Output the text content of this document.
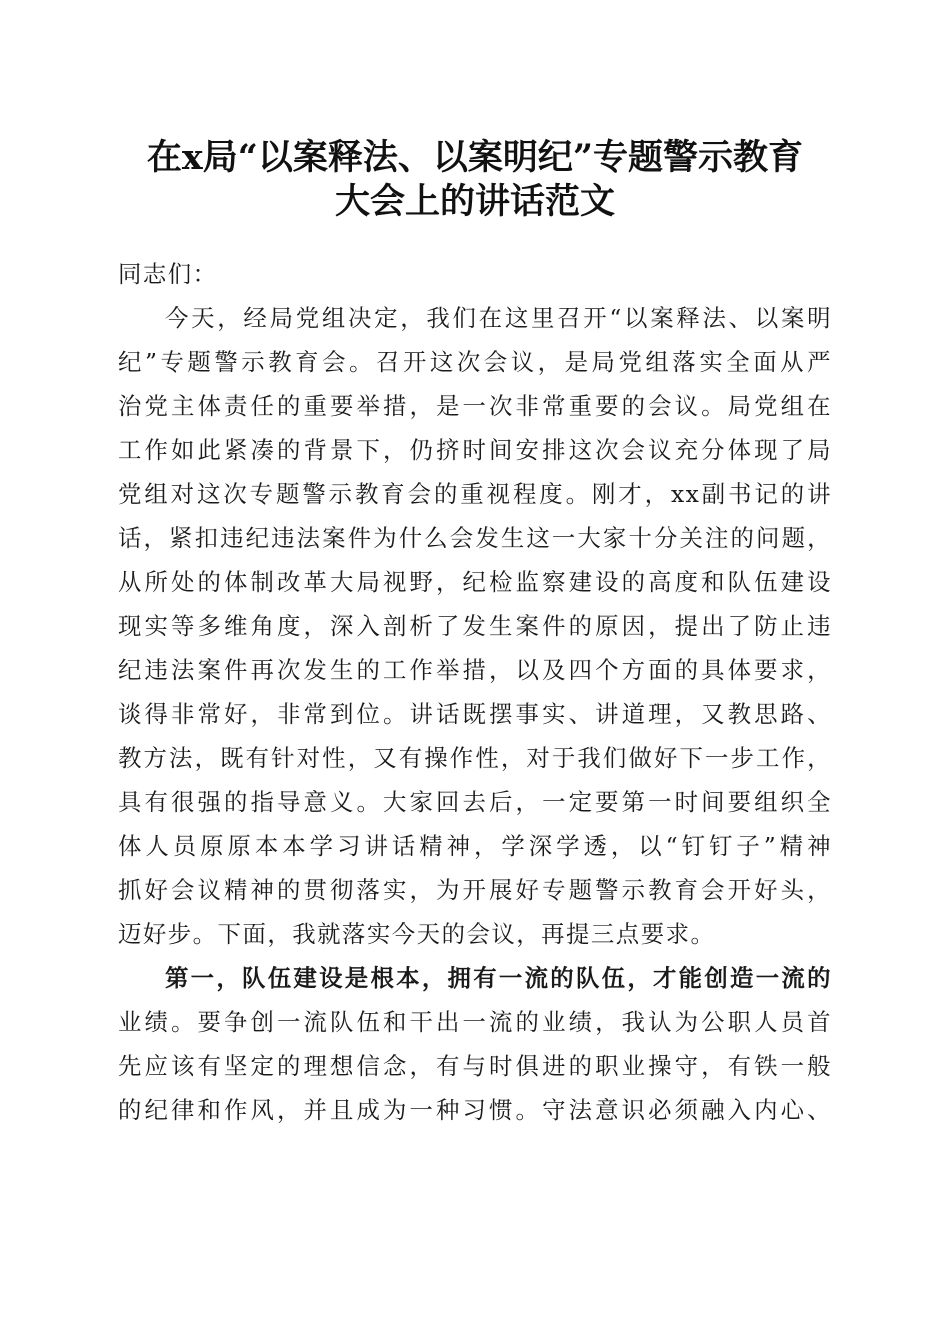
在x局“以案释法、以案明纪”专题警示教育
大会上的讲话范文
同志们：
今天，经局党组决定，我们在这里召开“以案释法、以案明
纪”专题警示教育会。召开这次会议，是局党组落实全面从严
治党主体责任的重要举措，是一次非常重要的会议。局党组在
工作如此紧凑的背景下，仍挤时间安排这次会议充分体现了局
党组对这次专题警示教育会的重视程度。刚才，xx副书记的讲
话，紧扣违纪违法案件为什么会发生这一大家十分关注的问题，
从所处的体制改革大局视野，纪检监察建设的高度和队伍建设
现实等多维角度，深入剖析了发生案件的原因，提出了防止违
纪违法案件再次发生的工作举措，以及四个方面的具体要求，
谈得非常好，非常到位。讲话既摆事实、讲道理，又教思路、
教方法，既有针对性，又有操作性，对于我们做好下一步工作，
具有很强的指导意义。大家回去后，一定要第一时间要组织全
体人员原原本本学习讲话精神，学深学透，以“钉钉子”精神
抓好会议精神的贯彻落实，为开展好专题警示教育会开好头，
迈好步。下面，我就落实今天的会议，再提三点要求。
第一，队伍建设是根本，拥有一流的队伍，才能创造一流的
业绩。要争创一流队伍和干出一流的业绩，我认为公职人员首
先应该有坚定的理想信念，有与时俱进的职业操守，有铁一般
的纪律和作风，并且成为一种习惯。守法意识必须融入内心、
